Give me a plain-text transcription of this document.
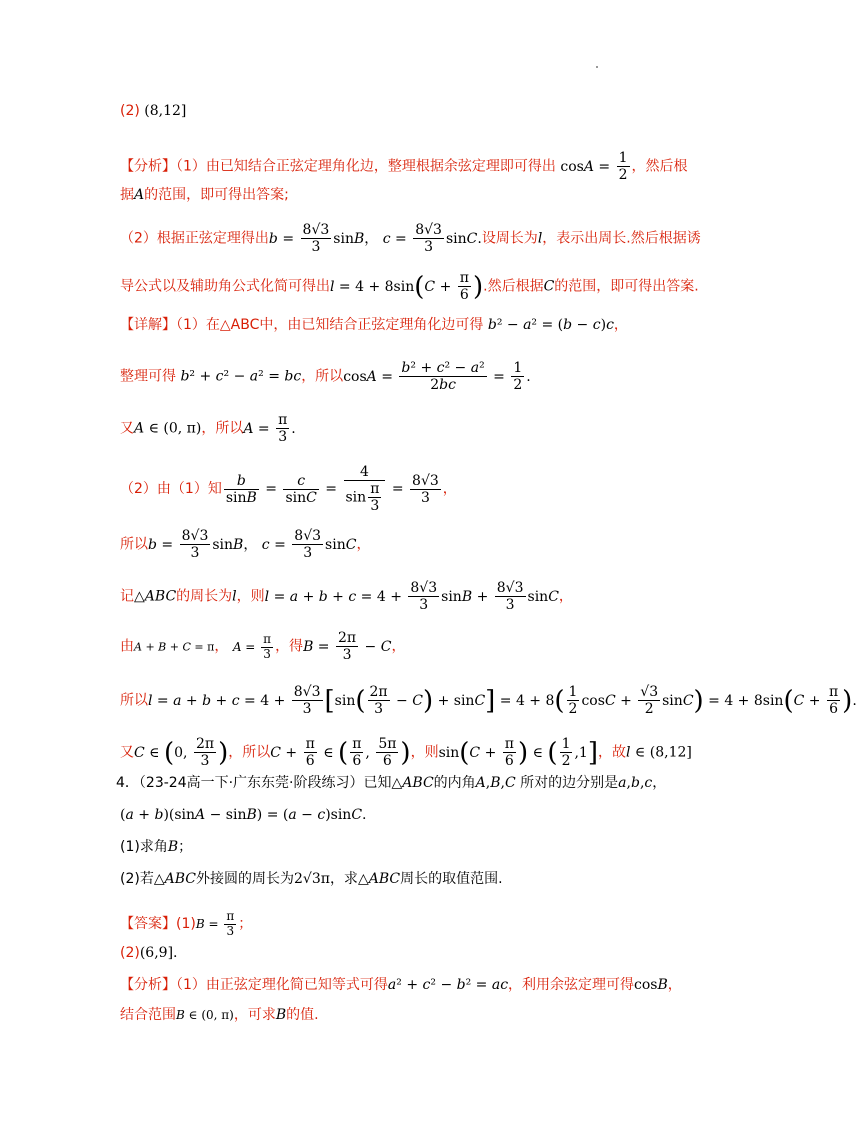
(2) (8,12]
【分析】（1）由已知结合正弦定理角化边，整理根据余弦定理即可得出 $\cos A = \frac{1}{2}$ ，然后根
据A的范围，即可得出答案;
（2）根据正弦定理得出$b = \frac{8√3}{3}$ sinB， $c = \frac{8√3}{3} \sin C$.设周长为l，表示出周长.然后根据诱
导公式以及辅助角公式化简可得出$l = 4 + 8\sin(C + \frac{\pi}{6}$ ).然后根据C的范围，即可得出答案.
【详解】（1）在△ABC中，由已知结合正弦定理角化边可得 b² − a² = (b − c)c，
整理可得 b² + c² − a² = bc，所以$\cos A = \frac{\text{b² + c² − a²}}{2bc} = \frac{1}{2}$ .
又A ∈ (0, π)，所以$A = \frac{\pi}{3}$ .
（2）由（1）知 $\frac{b}{\sin B} = \frac{c}{\sin C} = \frac{4}{\sin \frac{\pi}{3}} = \frac{8√3}{3}$ ，
所以$b = \frac{8√3}{3}$ sinB， $c = \frac{8√3}{3}$ sinC，
记△ABC的周长为l，则$l = a + b + c = 4 + \frac{8√3}{3}$ $\sin B + \frac{8√3}{3}$ sinC，
由A + B + C = π， $A = \frac{\pi}{3}$ ，得$B = \frac{2\pi}{3} - C$，
所以$l = a + b + c = 4 + \frac{8√3}{3} [\sin( \frac{2\pi}{3} - C) + \sin C] = 4 + 8( \frac{1}{2}$ $\cos C + \frac{√3}{2} \sin C) = 4 + 8\sin(C + \frac{\pi}{6}$ ).
又C ∈ (0, $\frac{2\pi}{3}$ )，所以$C + \frac{\pi}{6}$ ∈ ( $\frac{\pi}{6}$ , $\frac{5\pi}{6}$ )，则$\sin(C + \frac{\pi}{6}$ ) ∈ ( $\frac{1}{2} ,1$]，故l ∈ (8,12]
4．（23-24高一下·广东东莞·阶段练习）已知△ABC的内角A,B,C 所对的边分别是a,b,c，
(a + b)(sinA − sinB) = (a − c)sinC.
(1)求角B；
(2)若△ABC外接圆的周长为2√3π，求△ABC周长的取值范围.
【答案】$(1)B = \frac{\pi}{3}$ ；
(2)(6,9].
【分析】（1）由正弦定理化简已知等式可得a² + c² − b² = ac，利用余弦定理可得cosB，
结合范围B ∈ (0, π)，可求B的值.
